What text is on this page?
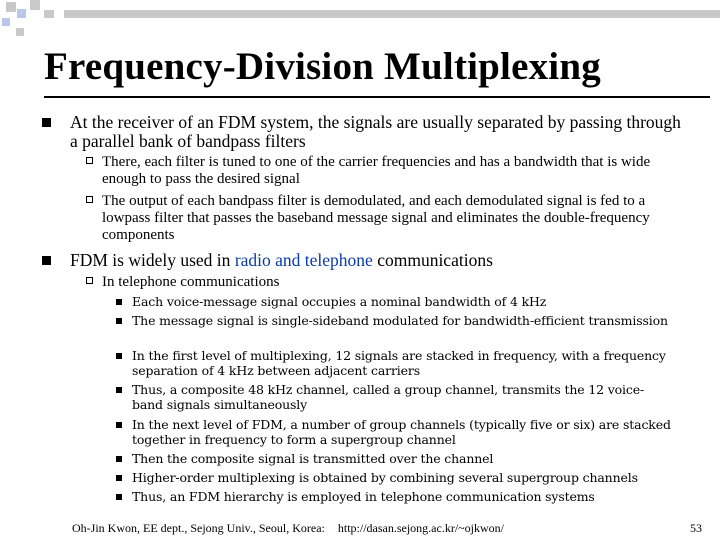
Frequency-Division Multiplexing
At the receiver of an FDM system, the signals are usually separated by passing through a parallel bank of bandpass filters
There, each filter is tuned to one of the carrier frequencies and has a bandwidth that is wide enough to pass the desired signal
The output of each bandpass filter is demodulated, and each demodulated signal is fed to a lowpass filter that passes the baseband message signal and eliminates the double-frequency components
FDM is widely used in radio and telephone communications
In telephone communications
Each voice-message signal occupies a nominal bandwidth of 4 kHz
The message signal is single-sideband modulated for bandwidth-efficient transmission
In the first level of multiplexing, 12 signals are stacked in frequency, with a frequency separation of 4 kHz between adjacent carriers
Thus, a composite 48 kHz channel, called a group channel, transmits the 12 voice-band signals simultaneously
In the next level of FDM, a number of group channels (typically five or six) are stacked together in frequency to form a supergroup channel
Then the composite signal is transmitted over the channel
Higher-order multiplexing is obtained by combining several supergroup channels
Thus, an FDM hierarchy is employed in telephone communication systems
Oh-Jin Kwon, EE dept., Sejong Univ., Seoul, Korea: http://dasan.sejong.ac.kr/~ojkwon/	53
